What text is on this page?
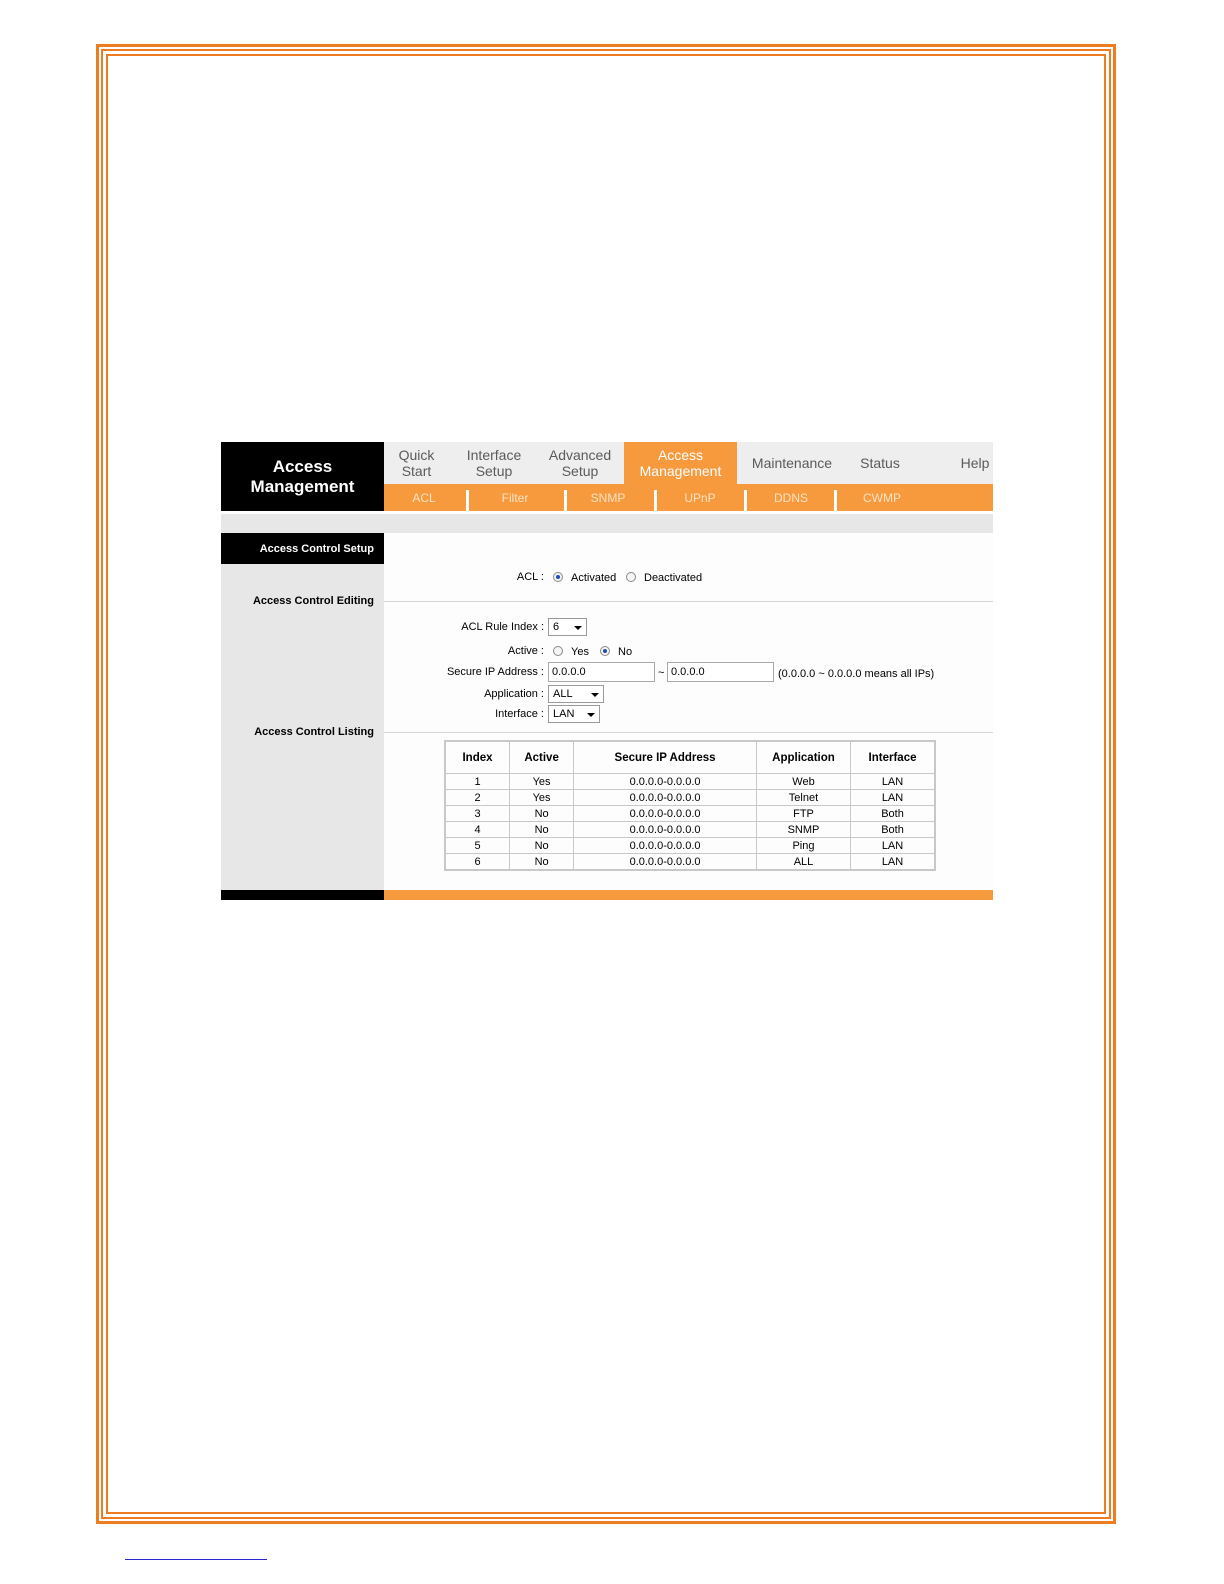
Access
Management
Quick
Start
Interface
Setup
Advanced
Setup
Access
Management Maintenance Status	Help
ACL	Filter	SNMP	UPnP	DDNS	CWMP
Access Control Setup
Access Control Editing
Access Control Listing
ACL : Activated	Deactivated
ACL Rule Index : 6
Active : Yes	No
Secure IP Address : 0.0.0.0	~ 0.0.0.0	(0.0.0.0 ~ 0.0.0.0 means all IPs)
Application : ALL
Interface : LAN
Index	Active	Secure IP Address	Application	Interface
1	Yes	0.0.0.0-0.0.0.0	Web	LAN
2	Yes	0.0.0.0-0.0.0.0	Telnet	LAN
3	No	0.0.0.0-0.0.0.0	FTP	Both
4	No	0.0.0.0-0.0.0.0	SNMP	Both
5	No	0.0.0.0-0.0.0.0	Ping	LAN
6	No	0.0.0.0-0.0.0.0	ALL	LAN
